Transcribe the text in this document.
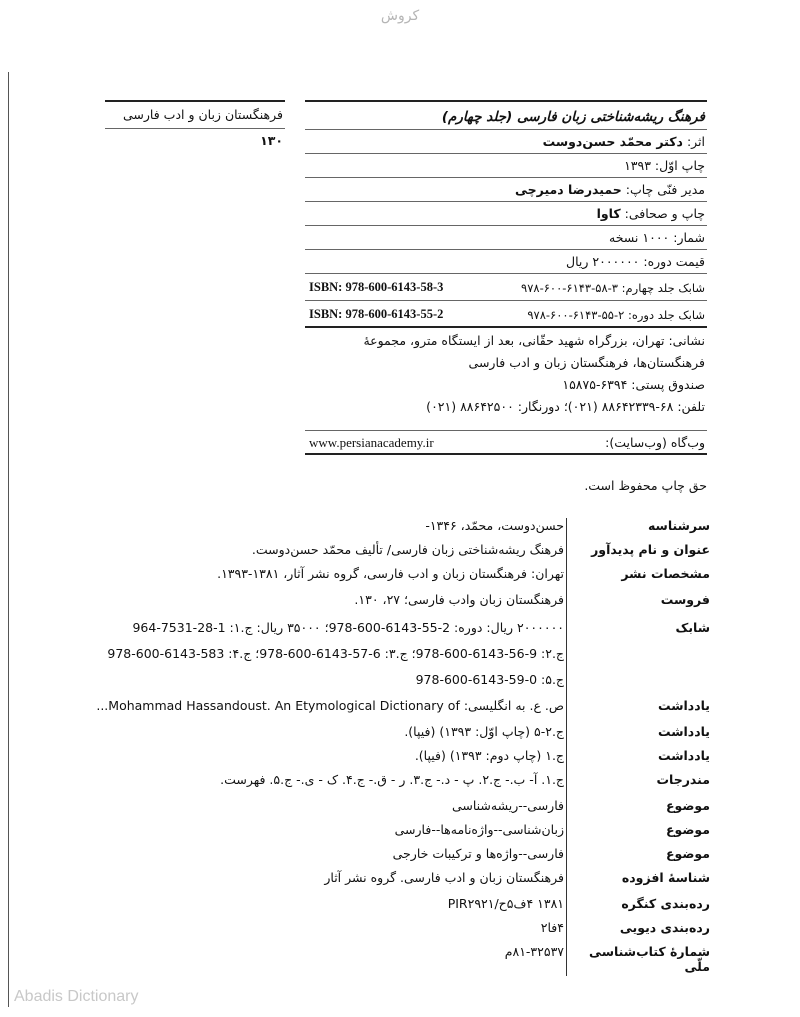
کروش
فرهنگستان زبان و ادب فارسی
۱۳۰
فرهنگ ریشه‌شناختی زبان فارسی (جلد چهارم)
اثر: دکتر محمّد حسن‌دوست
چاپ اوّل: ۱۳۹۳
مدیر فنّی چاپ: حمیدرضا دمیرچی
چاپ و صحافی: کاوا
شمار: ۱۰۰۰ نسخه
قیمت دوره: ۲۰۰۰۰۰۰ ریال
شابک جلد چهارم: ۳-۵۸-۶۱۴۳-۶۰۰-۹۷۸
ISBN: 978-600-6143-58-3
شابک جلد دوره: ۲-۵۵-۶۱۴۳-۶۰۰-۹۷۸
ISBN: 978-600-6143-55-2
نشانی: تهران، بزرگراه شهید حقّانی، بعد از ایستگاه مترو، مجموعهٔ فرهنگستان‌ها، فرهنگستان زبان و ادب فارسی
صندوق پستی: ۶۳۹۴-۱۵۸۷۵
تلفن: ۶۸-۸۸۶۴۲۳۳۹ (۰۲۱)؛ دورنگار: ۸۸۶۴۲۵۰۰ (۰۲۱)
وب‌گاه (وب‌سایت):
www.persianacademy.ir
حق چاپ محفوظ است.
سرشناسه
حسن‌دوست، محمّد، ۱۳۴۶-
عنوان و نام پدیدآور
فرهنگ ریشه‌شناختی زبان فارسی/ تألیف محمّد حسن‌دوست.
مشخصات نشر
تهران: فرهنگستان زبان و ادب فارسی، گروه نشر آثار، ۱۳۸۱-۱۳۹۳.
فروست
فرهنگستان زبان وادب فارسی؛ ۲۷، ۱۳۰.
شابک
۲۰۰۰۰۰۰ ریال: دوره: 2-55-6143-600-978؛ ۳۵۰۰۰ ریال: ج.۱: 1-28-7531-964
ج.۲: 9-56-6143-600-978؛ ج.۳: 6-57-6143-600-978؛ ج.۴: 583-6143-600-978
ج.۵: 0-59-6143-600-978
یادداشت
ص. ع. به انگلیسی: Mohammad Hassandoust. An Etymological Dictionary of...
یادداشت
ج.۲-۵ (چاپ اوّل: ۱۳۹۳) (فیپا).
یادداشت
ج.۱ (چاپ دوم: ۱۳۹۳) (فیپا).
مندرجات
ج.۱. آ- ب.- ج.۲. پ - د.- ج.۳. ر - ق.- ج.۴. ک - ی.- ج.۵. فهرست.
موضوع
فارسی--ریشه‌شناسی
موضوع
زبان‌شناسی--واژه‌نامه‌ها--فارسی
موضوع
فارسی--واژه‌ها و ترکیبات خارجی
شناسهٔ افزوده
فرهنگستان زبان و ادب فارسی. گروه نشر آثار
رده‌بندی کنگره
۱۳۸۱ ۴ف۵ح/PIR۲۹۲۱
رده‌بندی دیویی
۴فا۲
شمارهٔ کتاب‌شناسی ملّی
۸۱-۳۲۵۳۷م
Abadis Dictionary
